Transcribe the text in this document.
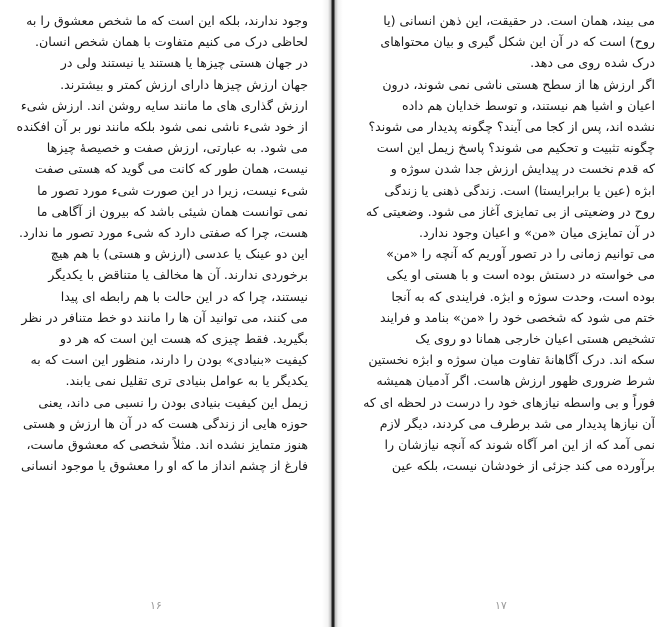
وجود ندارند، بلکه این است که ما شخص معشوق را به
لحاظی درک می کنیم متفاوت با همان شخص انسان.
در جهان هستی چیزها یا هستند یا نیستند ولی در
جهان ارزش چیزها دارای ارزش کمتر و بیشترند.
ارزش گذاری های ما مانند سایه روشن اند. ارزش شیء
از خود شیء ناشی نمی شود بلکه مانند نور بر آن افکنده
می شود. به عبارتی، ارزش صفت و خصیصهٔ چیزها
نیست، همان طور که کانت می گوید که هستی صفت
شیء نیست، زیرا در این صورت شیء مورد تصور ما
نمی توانست همان شیئی باشد که بیرون از آگاهی ما
هست، چرا که صفتی دارد که شیء مورد تصور ما ندارد.
این دو عینک یا عدسی (ارزش و هستی) با هم هیچ
برخوردی ندارند. آن ها مخالف یا متناقض با یکدیگر
نیستند، چرا که در این حالت با هم رابطه ای پیدا
می کنند، می توانید آن ها را مانند دو خط متنافر در نظر
بگیرید. فقط چیزی که هست این است که هر دو
کیفیت «بنیادی» بودن را دارند، منظور این است که به
یکدیگر یا به عوامل بنیادی تری تقلیل نمی یابند.
زیمل این کیفیت بنیادی بودن را نسبی می داند، یعنی
حوزه هایی از زندگی هست که در آن ها ارزش و هستی
هنوز متمایز نشده اند. مثلاً شخصی که معشوق ماست،
فارغ از چشم انداز ما که او را معشوق یا موجود انسانی
۱۶
می بیند، همان است. در حقیقت، این ذهن انسانی (یا
روح) است که در آن این شکل گیری و بیان محتواهای
درک شده روی می دهد.
اگر ارزش ها از سطح هستی ناشی نمی شوند، درون
اعیان و اشیا هم نیستند، و توسط خدایان هم داده
نشده اند، پس از کجا می آیند؟ چگونه پدیدار می شوند؟
چگونه تثبیت و تحکیم می شوند؟ پاسخ زیمل این است
که قدم نخست در پیدایش ارزش جدا شدن سوژه و
ابژه (عین یا برابرایستا) است. زندگی ذهنی یا زندگی
روح در وضعیتی از بی تمایزی آغاز می شود. وضعیتی که
در آن تمایزی میان «من» و اعیان وجود ندارد.
می توانیم زمانی را در تصور آوریم که آنچه را «من»
می خواسته در دستش بوده است و با هستی او یکی
بوده است، وحدت سوژه و ابژه. فرایندی که به آنجا
ختم می شود که شخصی خود را «من» بنامد و فرایند
تشخیص هستی اعیان خارجی همانا دو روی یک
سکه اند. درک آگاهانهٔ تفاوت میان سوژه و ابژه نخستین
شرط ضروری ظهور ارزش هاست. اگر آدمیان همیشه
فوراً و بی واسطه نیازهای خود را درست در لحظه ای که
آن نیازها پدیدار می شد برطرف می کردند، دیگر لازم
نمی آمد که از این امر آگاه شوند که آنچه نیازشان را
برآورده می کند جزئی از خودشان نیست، بلکه عین
۱۷
